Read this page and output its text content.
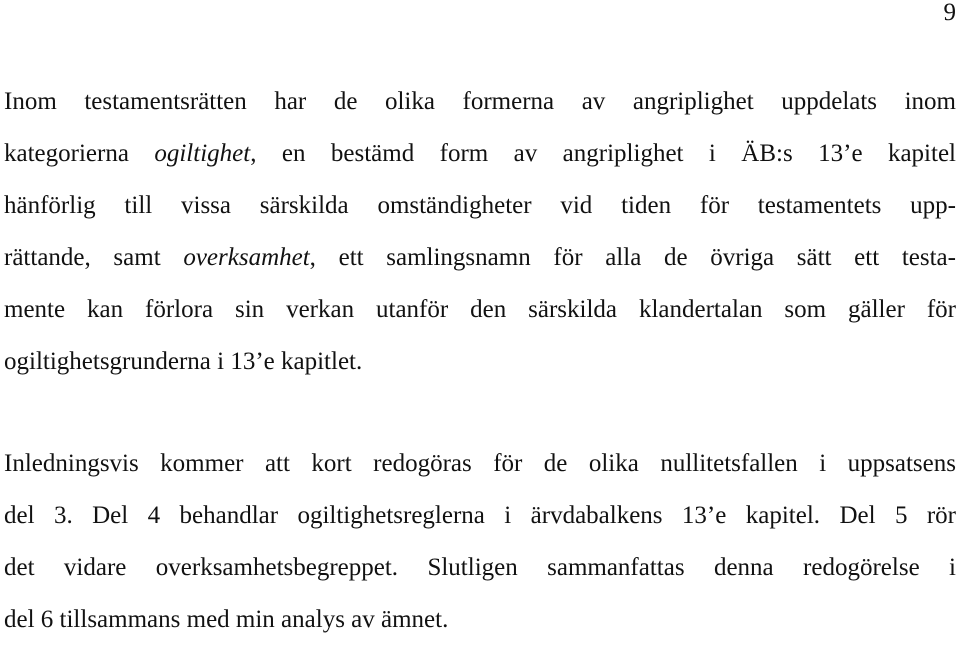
9
Inom testamentsrätten har de olika formerna av angriplighet uppdelats inom
kategorierna ogiltighet, en bestämd form av angriplighet i ÄB:s 13’e kapitel
hänförlig till vissa särskilda omständigheter vid tiden för testamentets upp-
rättande, samt overksamhet, ett samlingsnamn för alla de övriga sätt ett testa-
mente kan förlora sin verkan utanför den särskilda klandertalan som gäller för
ogiltighetsgrunderna i 13’e kapitlet.
Inledningsvis kommer att kort redogöras för de olika nullitetsfallen i uppsatsens
del 3. Del 4 behandlar ogiltighetsreglerna i ärvdabalkens 13’e kapitel. Del 5 rör
det vidare overksamhetsbegreppet. Slutligen sammanfattas denna redogörelse i
del 6 tillsammans med min analys av ämnet.
